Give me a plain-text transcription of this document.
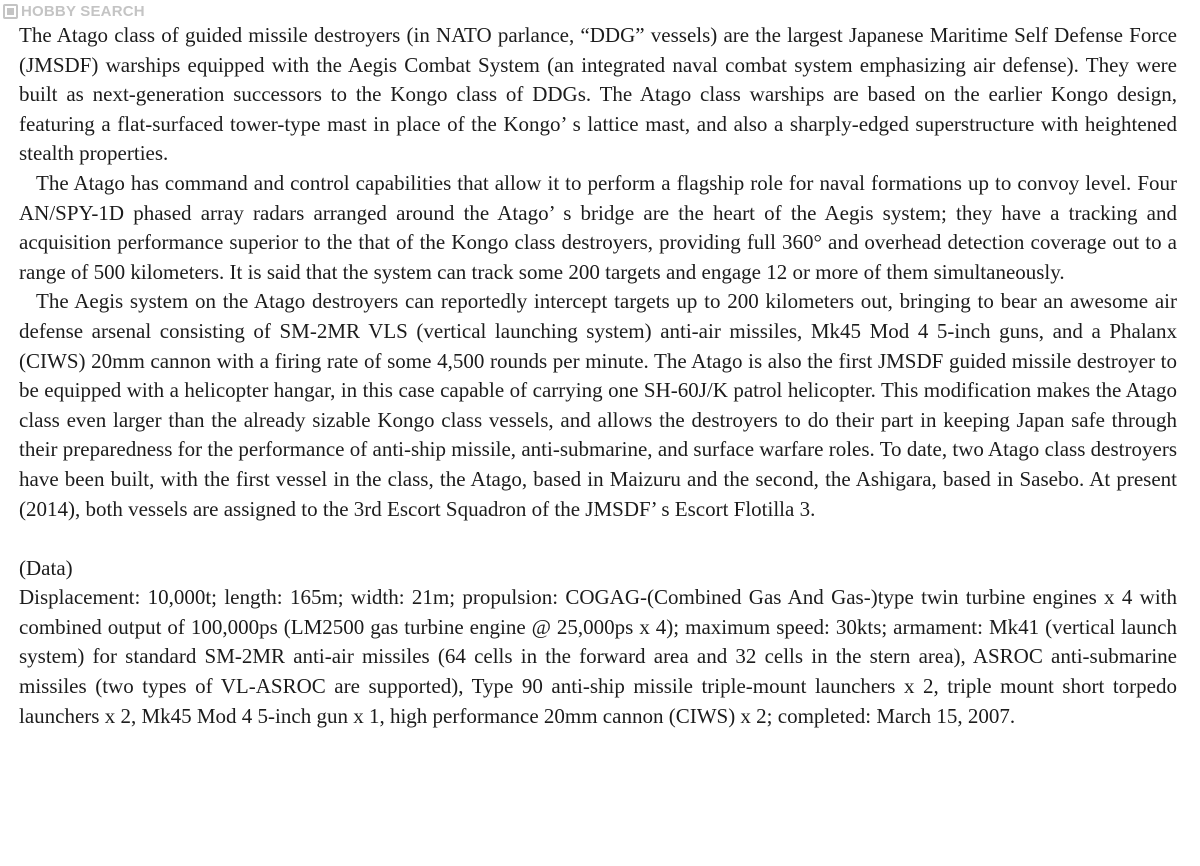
HOBBY SEARCH

The Atago class of guided missile destroyers (in NATO parlance, “DDG” vessels) are the largest Japanese Maritime Self Defense Force (JMSDF) warships equipped with the Aegis Combat System (an integrated naval combat system emphasizing air defense). They were built as next-generation successors to the Kongo class of DDGs. The Atago class warships are based on the earlier Kongo design, featuring a flat-surfaced tower-type mast in place of the Kongo’ s lattice mast, and also a sharply-edged superstructure with heightened stealth properties.

The Atago has command and control capabilities that allow it to perform a flagship role for naval formations up to convoy level. Four AN/SPY-1D phased array radars arranged around the Atago’ s bridge are the heart of the Aegis system; they have a tracking and acquisition performance superior to the that of the Kongo class destroyers, providing full 360° and overhead detection coverage out to a range of 500 kilometers. It is said that the system can track some 200 targets and engage 12 or more of them simultaneously.

The Aegis system on the Atago destroyers can reportedly intercept targets up to 200 kilometers out, bringing to bear an awesome air defense arsenal consisting of SM-2MR VLS (vertical launching system) anti-air missiles, Mk45 Mod 4 5-inch guns, and a Phalanx (CIWS) 20mm cannon with a firing rate of some 4,500 rounds per minute. The Atago is also the first JMSDF guided missile destroyer to be equipped with a helicopter hangar, in this case capable of carrying one SH-60J/K patrol helicopter. This modification makes the Atago class even larger than the already sizable Kongo class vessels, and allows the destroyers to do their part in keeping Japan safe through their preparedness for the performance of anti-ship missile, anti-submarine, and surface warfare roles. To date, two Atago class destroyers have been built, with the first vessel in the class, the Atago, based in Maizuru and the second, the Ashigara, based in Sasebo. At present (2014), both vessels are assigned to the 3rd Escort Squadron of the JMSDF’ s Escort Flotilla 3.

(Data)

Displacement: 10,000t; length: 165m; width: 21m; propulsion: COGAG-(Combined Gas And Gas-)type twin turbine engines x 4 with combined output of 100,000ps (LM2500 gas turbine engine @ 25,000ps x 4); maximum speed: 30kts; armament: Mk41 (vertical launch system) for standard SM-2MR anti-air missiles (64 cells in the forward area and 32 cells in the stern area), ASROC anti-submarine missiles (two types of VL-ASROC are supported), Type 90 anti-ship missile triple-mount launchers x 2, triple mount short torpedo launchers x 2, Mk45 Mod 4 5-inch gun x 1, high performance 20mm cannon (CIWS) x 2; completed: March 15, 2007.
